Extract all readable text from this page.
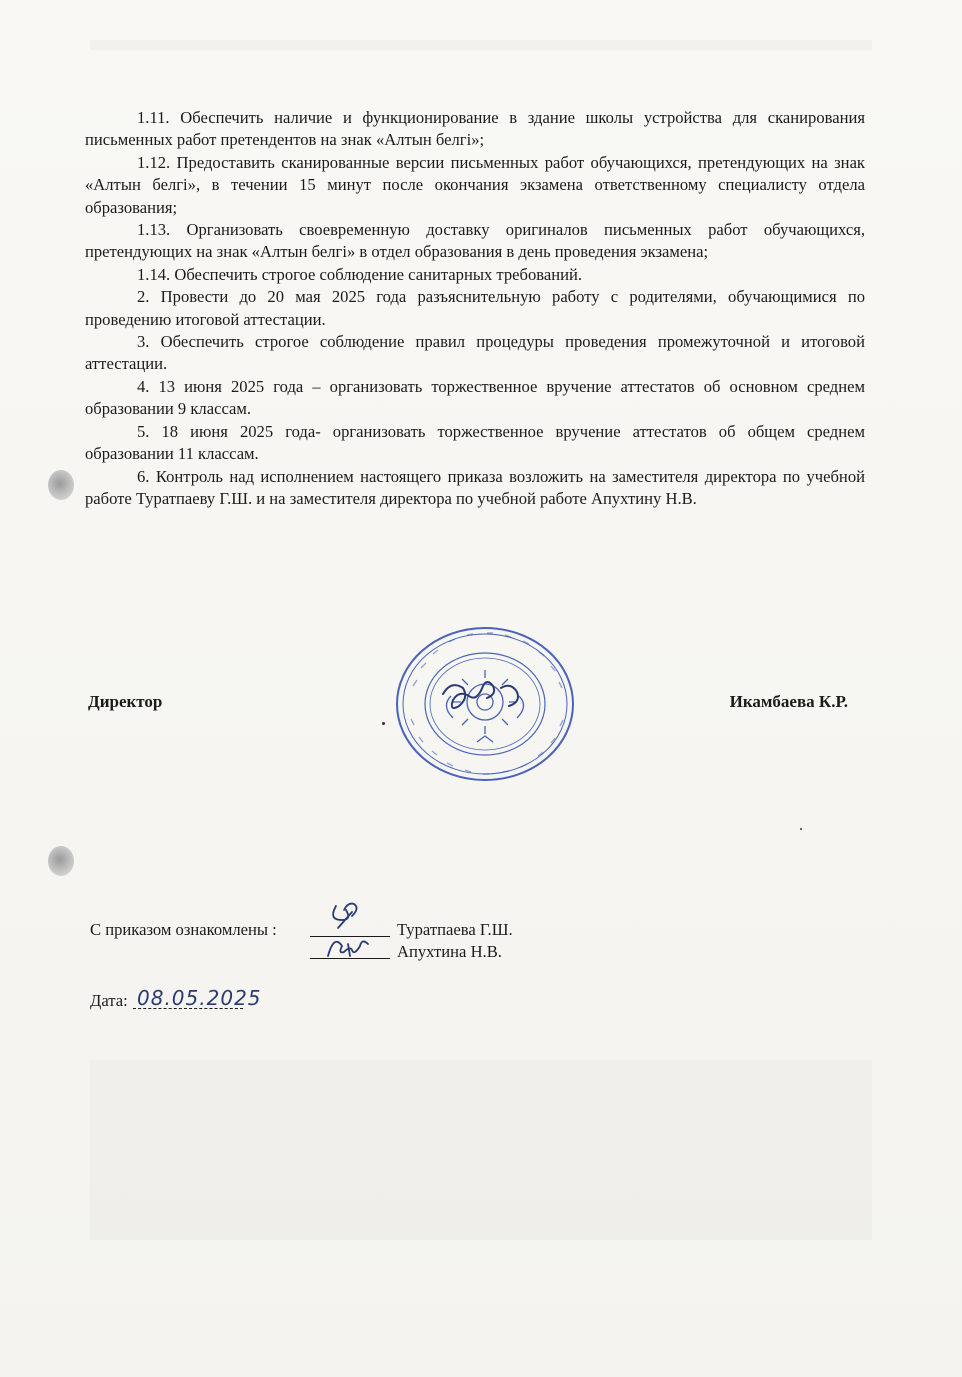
1.11. Обеспечить наличие и функционирование в здание школы устройства для сканирования письменных работ претендентов на знак «Алтын белгі»;

1.12. Предоставить сканированные версии письменных работ обучающихся, претендующих на знак «Алтын белгі», в течении 15 минут после окончания экзамена ответственному специалисту отдела образования;

1.13. Организовать своевременную доставку оригиналов письменных работ обучающихся, претендующих на знак «Алтын белгі» в отдел образования в день проведения экзамена;

1.14. Обеспечить строгое соблюдение санитарных требований.

2. Провести до 20 мая 2025 года разъяснительную работу с родителями, обучающимися по проведению итоговой аттестации.

3. Обеспечить строгое соблюдение правил процедуры проведения промежуточной и итоговой аттестации.

4. 13 июня 2025 года – организовать торжественное вручение аттестатов об основном среднем образовании 9 классам.

5. 18 июня 2025 года- организовать торжественное вручение аттестатов об общем среднем образовании 11 классам.

6. Контроль над исполнением настоящего приказа возложить на заместителя директора по учебной работе Туратпаеву Г.Ш. и на заместителя директора по учебной работе Апухтину Н.В.

Директор	Икамбаева К.Р.
С приказом ознакомлены :	Туратпаева Г.Ш.
Апухтина Н.В.
Дата: 08.05.2025
